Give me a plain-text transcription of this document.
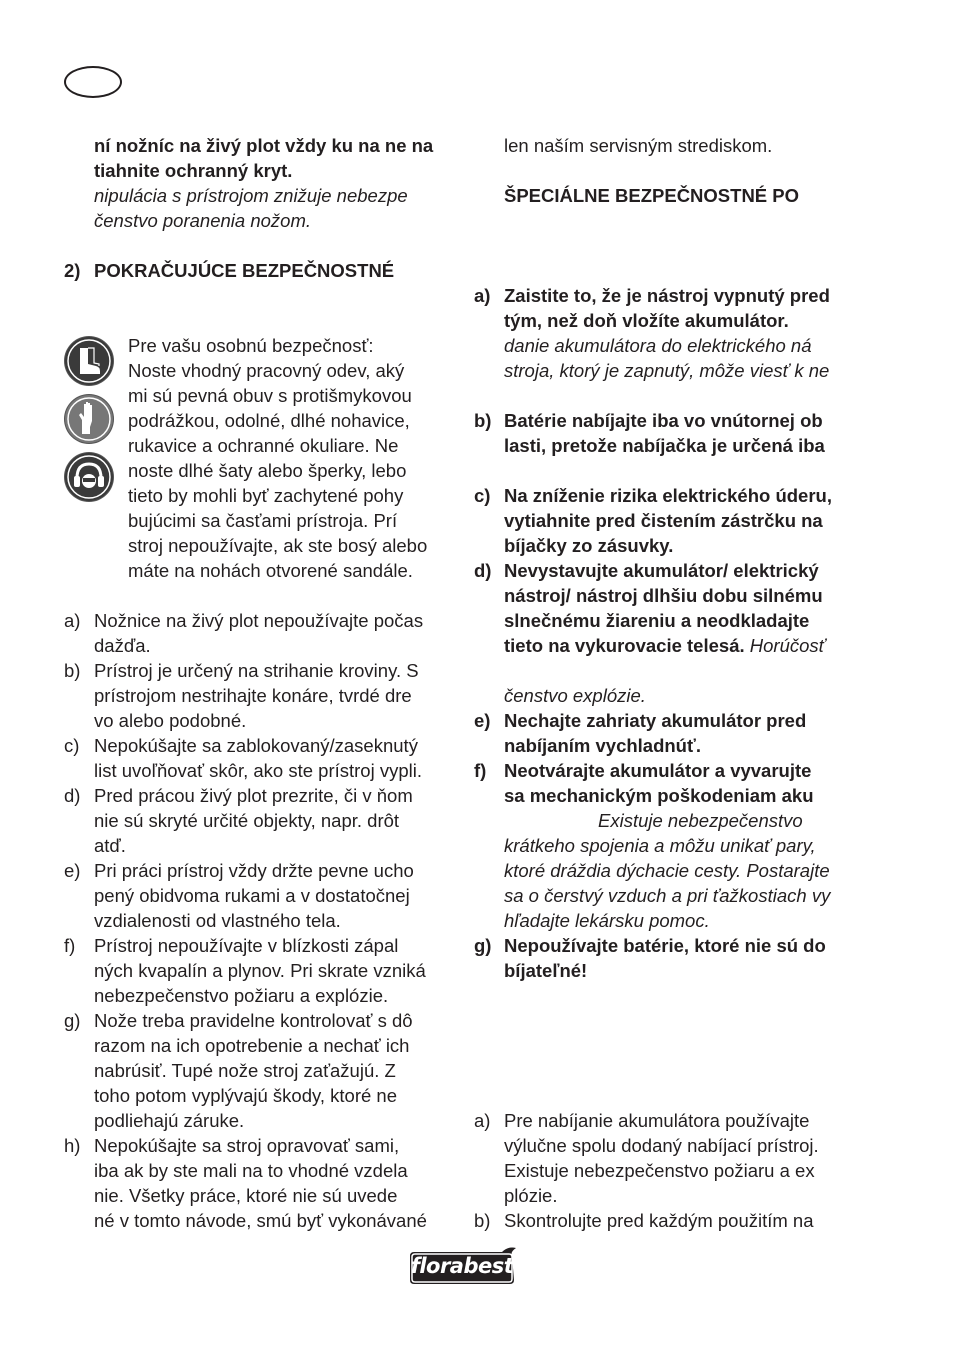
ní nožníc na živý plot vždy ku na ne na

tiahnite ochranný kryt.

nipulácia s prístrojom znižuje nebezpe

čenstvo poranenia nožom.

2) POKRAČUJÚCE BEZPEČNOSTNÉ

Pre vašu osobnú bezpečnosť:

Noste vhodný pracovný odev, aký

mi sú pevná obuv s protišmykovou

podrážkou, odolné, dlhé nohavice,

rukavice a ochranné okuliare. Ne

noste dlhé šaty alebo šperky, lebo

tieto by mohli byť zachytené pohy

bujúcimi sa časťami prístroja. Prí

stroj nepoužívajte, ak ste bosý alebo

máte na nohách otvorené sandále.

a) Nožnice na živý plot nepoužívajte počas

dažďa.

b) Prístroj je určený na strihanie kroviny. S

prístrojom nestrihajte konáre, tvrdé dre

vo alebo podobné.

c) Nepokúšajte sa zablokovaný/zaseknutý

list uvoľňovať skôr, ako ste prístroj vypli.

d) Pred prácou živý plot prezrite, či v ňom

nie sú skryté určité objekty, napr. drôt

atď.

e) Pri práci prístroj vždy držte pevne ucho

pený obidvoma rukami a v dostatočnej

vzdialenosti od vlastného tela.

f) Prístroj nepoužívajte v blízkosti zápal

ných kvapalín a plynov. Pri skrate vzniká

nebezpečenstvo požiaru a explózie.

g) Nože treba pravidelne kontrolovať s dô

razom na ich opotrebenie a nechať ich

nabrúsiť. Tupé nože stroj zaťažujú. Z

toho potom vyplývajú škody, ktoré ne

podliehajú záruke.

h) Nepokúšajte sa stroj opravovať sami,

iba ak by ste mali na to vhodné vzdela

nie. Všetky práce, ktoré nie sú uvede

né v tomto návode, smú byť vykonávané

len naším servisným strediskom.

ŠPECIÁLNE BEZPEČNOSTNÉ PO

a) Zaistite to, že je nástroj vypnutý pred

tým, než doň vložíte akumulátor.

danie akumulátora do elektrického ná

stroja, ktorý je zapnutý, môže viesť k ne

b) Batérie nabíjajte iba vo vnútornej ob

lasti, pretože nabíjačka je určená iba

c) Na zníženie rizika elektrického úderu,

vytiahnite pred čistením zástrčku na

bíjačky zo zásuvky.

d) Nevystavujte akumulátor/ elektrický

nástroj/ nástroj dlhšiu dobu silnému

slnečnému žiareniu a neodkladajte

tieto na vykurovacie telesá. Horúčosť

čenstvo explózie.

e) Nechajte zahriaty akumulátor pred

nabíjaním vychladnúť.

f) Neotvárajte akumulátor a vyvarujte

sa mechanickým poškodeniam aku

Existuje nebezpečenstvo

krátkeho spojenia a môžu unikať pary,

ktoré dráždia dýchacie cesty. Postarajte

sa o čerstvý vzduch a pri ťažkostiach vy

hľadajte lekársku pomoc.

g) Nepoužívajte batérie, ktoré nie sú do

bíjateľné!

a) Pre nabíjanie akumulátora používajte

výlučne spolu dodaný nabíjací prístroj.

Existuje nebezpečenstvo požiaru a ex

plózie.

b) Skontrolujte pred každým použitím na

florabest
